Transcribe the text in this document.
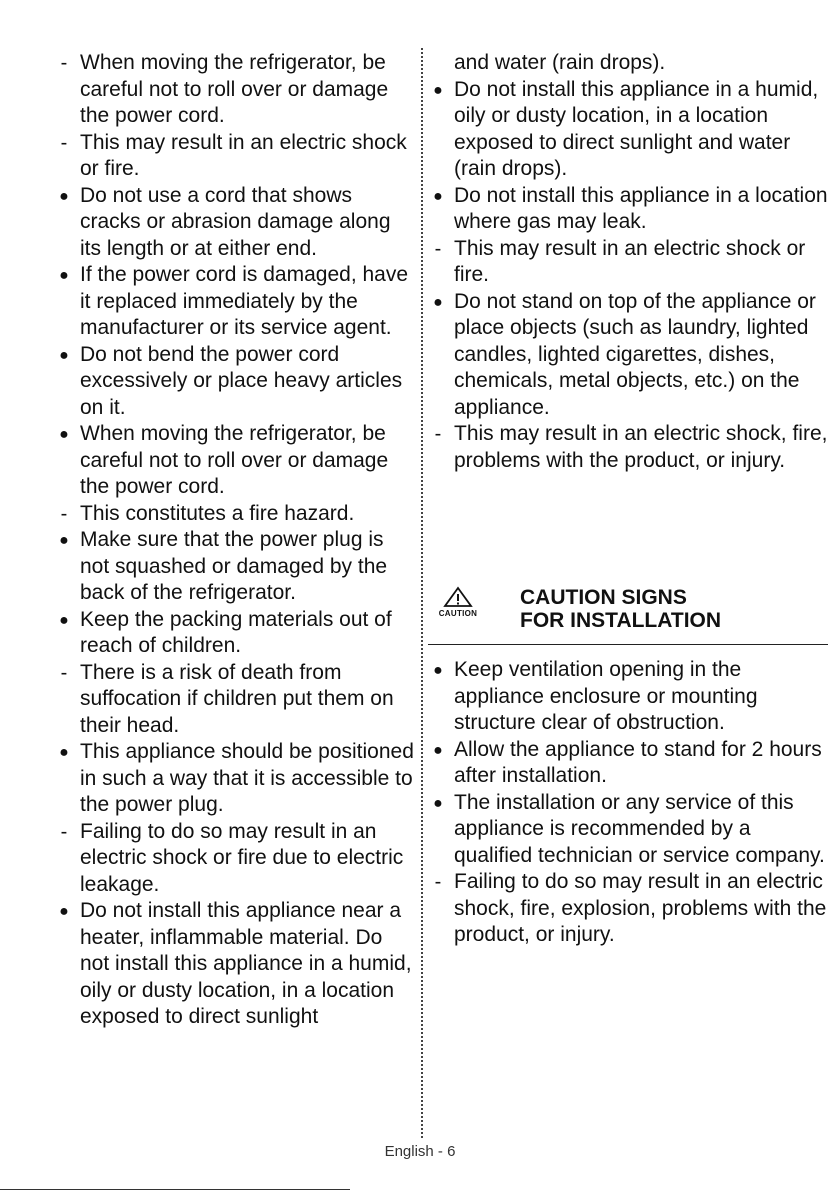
- When moving the refrigerator, be careful not to roll over or damage the power cord.

- This may result in an electric shock or fire.

● Do not use a cord that shows cracks or abrasion damage along its length or at either end.

● If the power cord is damaged, have it replaced immediately by the manufacturer or its service agent.

● Do not bend the power cord excessively or place heavy articles on it.

● When moving the refrigerator, be careful not to roll over or damage the power cord.

- This constitutes a fire hazard.

● Make sure that the power plug is not squashed or damaged by the back of the refrigerator.

● Keep the packing materials out of reach of children.

- There is a risk of death from suffocation if children put them on their head.

● This appliance should be positioned in such a way that it is accessible to the power plug.

- Failing to do so may result in an electric shock or fire due to electric leakage.

● Do not install this appliance near a heater, inflammable material. Do not install this appliance in a humid, oily or dusty location, in a location exposed to direct sunlight

and water (rain drops).

● Do not install this appliance in a humid, oily or dusty location, in a location exposed to direct sunlight and water (rain drops).

● Do not install this appliance in a location where gas may leak.

- This may result in an electric shock or fire.

● Do not stand on top of the appliance or place objects (such as laundry, lighted candles, lighted cigarettes, dishes, chemicals, metal objects, etc.) on the appliance.

- This may result in an electric shock, fire, problems with the product, or injury.

CAUTION
CAUTION SIGNS
FOR INSTALLATION

● Keep ventilation opening in the appliance enclosure or mounting structure clear of obstruction.

● Allow the appliance to stand for 2 hours after installation.

● The installation or any service of this appliance is recommended by a qualified technician or service company.

- Failing to do so may result in an electric shock, fire, explosion, problems with the product, or injury.

English - 6
